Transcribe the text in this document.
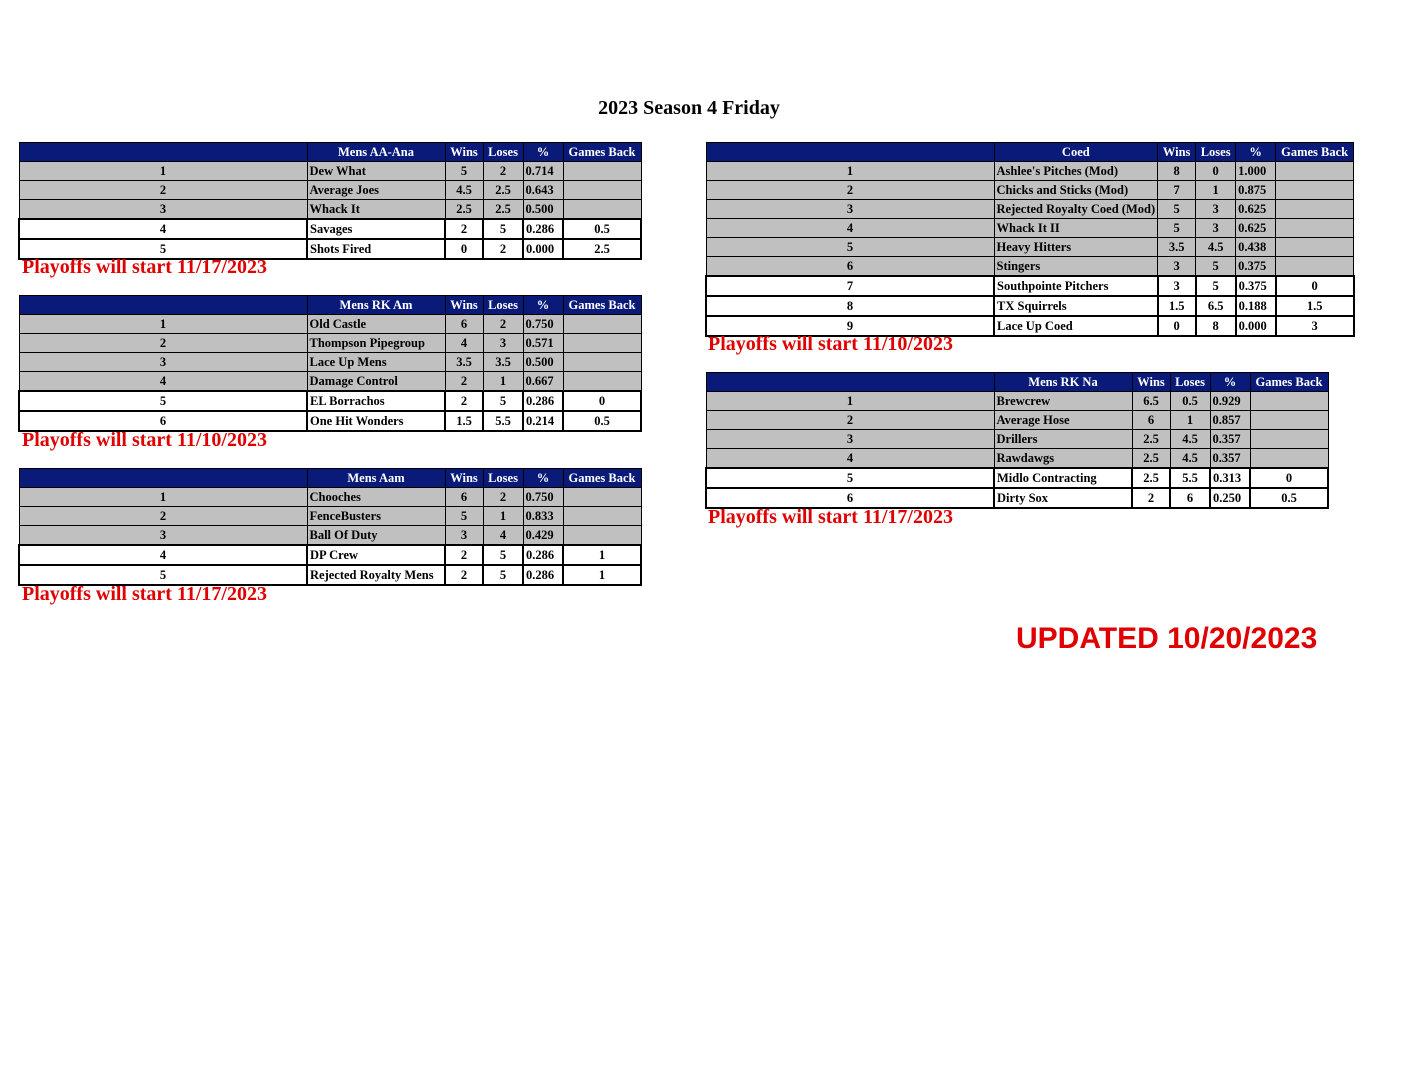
2023 Season 4 Friday
	Mens AA-Ana	Wins	Loses	%	Games Back
1	Dew What	5	2	0.714	
2	Average Joes	4.5	2.5	0.643	
3	Whack It	2.5	2.5	0.500	
4	Savages	2	5	0.286	0.5
5	Shots Fired	0	2	0.000	2.5
Playoffs will start 11/17/2023
	Mens RK Am	Wins	Loses	%	Games Back
1	Old Castle	6	2	0.750	
2	Thompson Pipegroup	4	3	0.571	
3	Lace Up Mens	3.5	3.5	0.500	
4	Damage Control	2	1	0.667	
5	EL Borrachos	2	5	0.286	0
6	One Hit Wonders	1.5	5.5	0.214	0.5
Playoffs will start 11/10/2023
	Mens Aam	Wins	Loses	%	Games Back
1	Chooches	6	2	0.750	
2	FenceBusters	5	1	0.833	
3	Ball Of Duty	3	4	0.429	
4	DP Crew	2	5	0.286	1
5	Rejected Royalty Mens	2	5	0.286	1
Playoffs will start 11/17/2023
	Coed	Wins	Loses	%	Games Back
1	Ashlee's Pitches (Mod)	8	0	1.000	
2	Chicks and Sticks (Mod)	7	1	0.875	
3	Rejected Royalty Coed (Mod)	5	3	0.625	
4	Whack It II	5	3	0.625	
5	Heavy Hitters	3.5	4.5	0.438	
6	Stingers	3	5	0.375	
7	Southpointe Pitchers	3	5	0.375	0
8	TX Squirrels	1.5	6.5	0.188	1.5
9	Lace Up Coed	0	8	0.000	3
Playoffs will start 11/10/2023
	Mens RK Na	Wins	Loses	%	Games Back
1	Brewcrew	6.5	0.5	0.929	
2	Average Hose	6	1	0.857	
3	Drillers	2.5	4.5	0.357	
4	Rawdawgs	2.5	4.5	0.357	
5	Midlo Contracting	2.5	5.5	0.313	0
6	Dirty Sox	2	6	0.250	0.5
Playoffs will start 11/17/2023
UPDATED 10/20/2023
